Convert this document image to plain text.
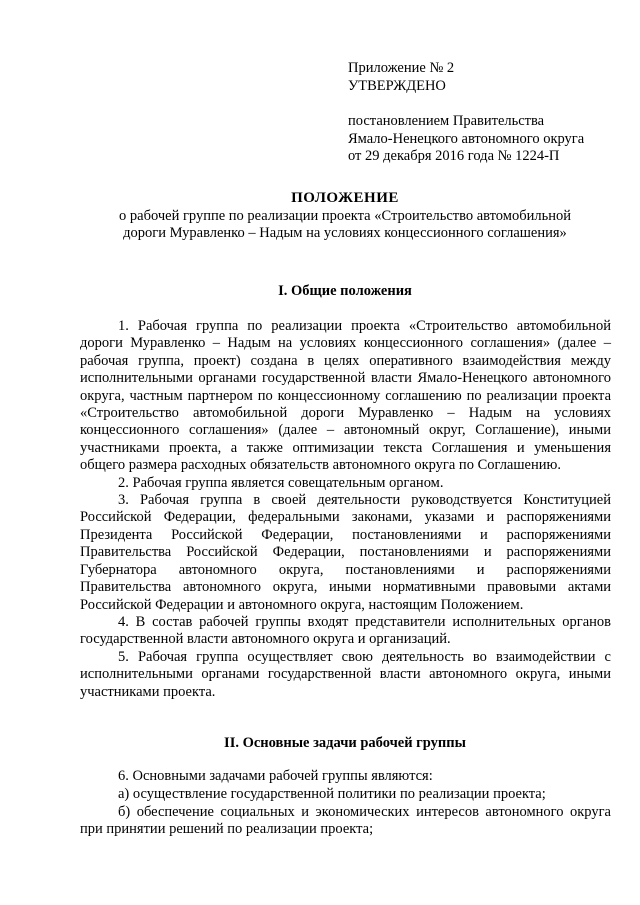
Приложение № 2
УТВЕРЖДЕНО
постановлением Правительства
Ямало-Ненецкого автономного округа
от 29 декабря 2016 года № 1224-П
ПОЛОЖЕНИЕ
о рабочей группе по реализации проекта «Строительство автомобильной
дороги Муравленко – Надым на условиях концессионного соглашения»
I. Общие положения

1. Рабочая группа по реализации проекта «Строительство автомобильной дороги Муравленко – Надым на условиях концессионного соглашения» (далее – рабочая группа, проект) создана в целях оперативного взаимодействия между исполнительными органами государственной власти Ямало-Ненецкого автономного округа, частным партнером по концессионному соглашению по реализации проекта «Строительство автомобильной дороги Муравленко – Надым на условиях концессионного соглашения» (далее – автономный округ, Соглашение), иными участниками проекта, а также оптимизации текста Соглашения и уменьшения общего размера расходных обязательств автономного округа по Соглашению.

2. Рабочая группа является совещательным органом.

3. Рабочая группа в своей деятельности руководствуется Конституцией Российской Федерации, федеральными законами, указами и распоряжениями Президента Российской Федерации, постановлениями и распоряжениями Правительства Российской Федерации, постановлениями и распоряжениями Губернатора автономного округа, постановлениями и распоряжениями Правительства автономного округа, иными нормативными правовыми актами Российской Федерации и автономного округа, настоящим Положением.

4. В состав рабочей группы входят представители исполнительных органов государственной власти автономного округа и организаций.

5. Рабочая группа осуществляет свою деятельность во взаимодействии с исполнительными органами государственной власти автономного округа, иными участниками проекта.

II. Основные задачи рабочей группы

6. Основными задачами рабочей группы являются:

а) осуществление государственной политики по реализации проекта;

б) обеспечение социальных и экономических интересов автономного округа при принятии решений по реализации проекта;
